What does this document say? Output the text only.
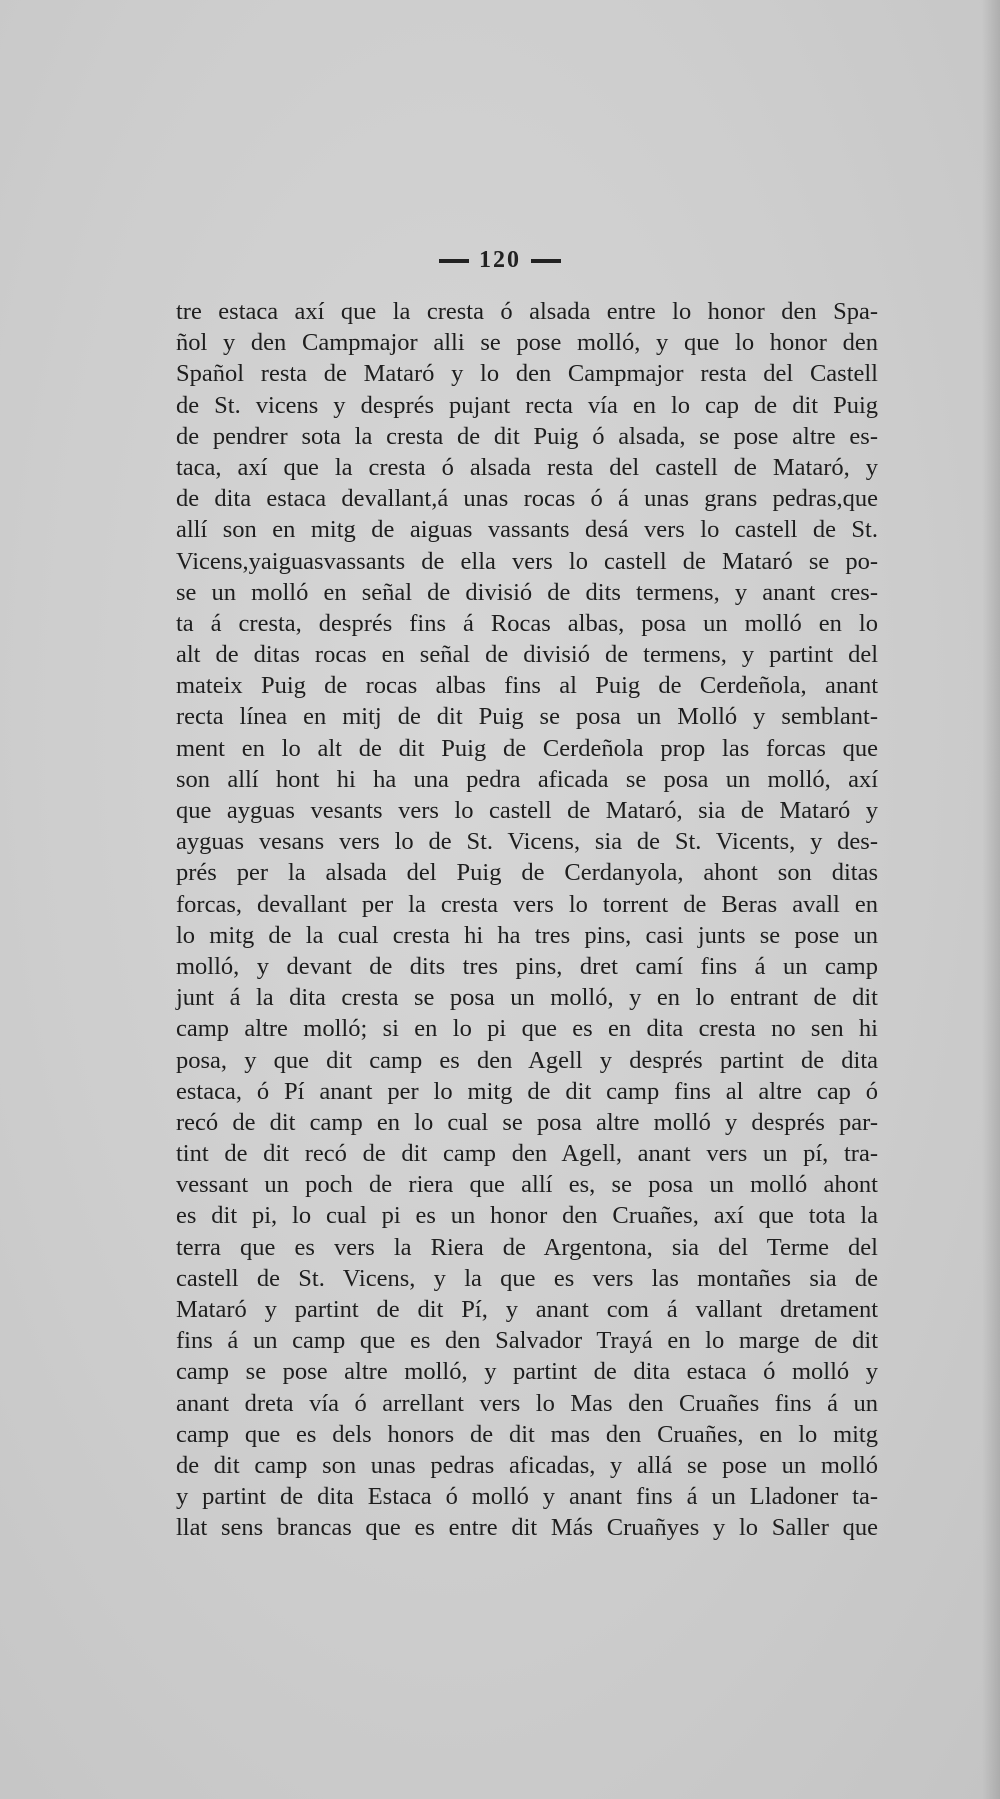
120
tre estaca axí que la cresta ó alsada entre lo honor den Spa-
ñol y den Campmajor alli se pose molló, y que lo honor den
Spañol resta de Mataró y lo den Campmajor resta del Castell
de St. vicens y després pujant recta vía en lo cap de dit Puig
de pendrer sota la cresta de dit Puig ó alsada, se pose altre es-
taca, axí que la cresta ó alsada resta del castell de Mataró, y
de dita estaca devallant,á unas rocas ó á unas grans pedras,que
allí son en mitg de aiguas vassants desá vers lo castell de St.
Vicens,yaiguasvassants de ella vers lo castell de Mataró se po-
se un molló en señal de divisió de dits termens, y anant cres-
ta á cresta, després fins á Rocas albas, posa un molló en lo
alt de ditas rocas en señal de divisió de termens, y partint del
mateix Puig de rocas albas fins al Puig de Cerdeñola, anant
recta línea en mitj de dit Puig se posa un Molló y semblant-
ment en lo alt de dit Puig de Cerdeñola prop las forcas que
son allí hont hi ha una pedra aficada se posa un molló, axí
que ayguas vesants vers lo castell de Mataró, sia de Mataró y
ayguas vesans vers lo de St. Vicens, sia de St. Vicents, y des-
prés per la alsada del Puig de Cerdanyola, ahont son ditas
forcas, devallant per la cresta vers lo torrent de Beras avall en
lo mitg de la cual cresta hi ha tres pins, casi junts se pose un
molló, y devant de dits tres pins, dret camí fins á un camp
junt á la dita cresta se posa un molló, y en lo entrant de dit
camp altre molló; si en lo pi que es en dita cresta no sen hi
posa, y que dit camp es den Agell y després partint de dita
estaca, ó Pí anant per lo mitg de dit camp fins al altre cap ó
recó de dit camp en lo cual se posa altre molló y després par-
tint de dit recó de dit camp den Agell, anant vers un pí, tra-
vessant un poch de riera que allí es, se posa un molló ahont
es dit pi, lo cual pi es un honor den Cruañes, axí que tota la
terra que es vers la Riera de Argentona, sia del Terme del
castell de St. Vicens, y la que es vers las montañes sia de
Mataró y partint de dit Pí, y anant com á vallant dretament
fins á un camp que es den Salvador Trayá en lo marge de dit
camp se pose altre molló, y partint de dita estaca ó molló y
anant dreta vía ó arrellant vers lo Mas den Cruañes fins á un
camp que es dels honors de dit mas den Cruañes, en lo mitg
de dit camp son unas pedras aficadas, y allá se pose un molló
y partint de dita Estaca ó molló y anant fins á un Lladoner ta-
llat sens brancas que es entre dit Más Cruañyes y lo Saller que
